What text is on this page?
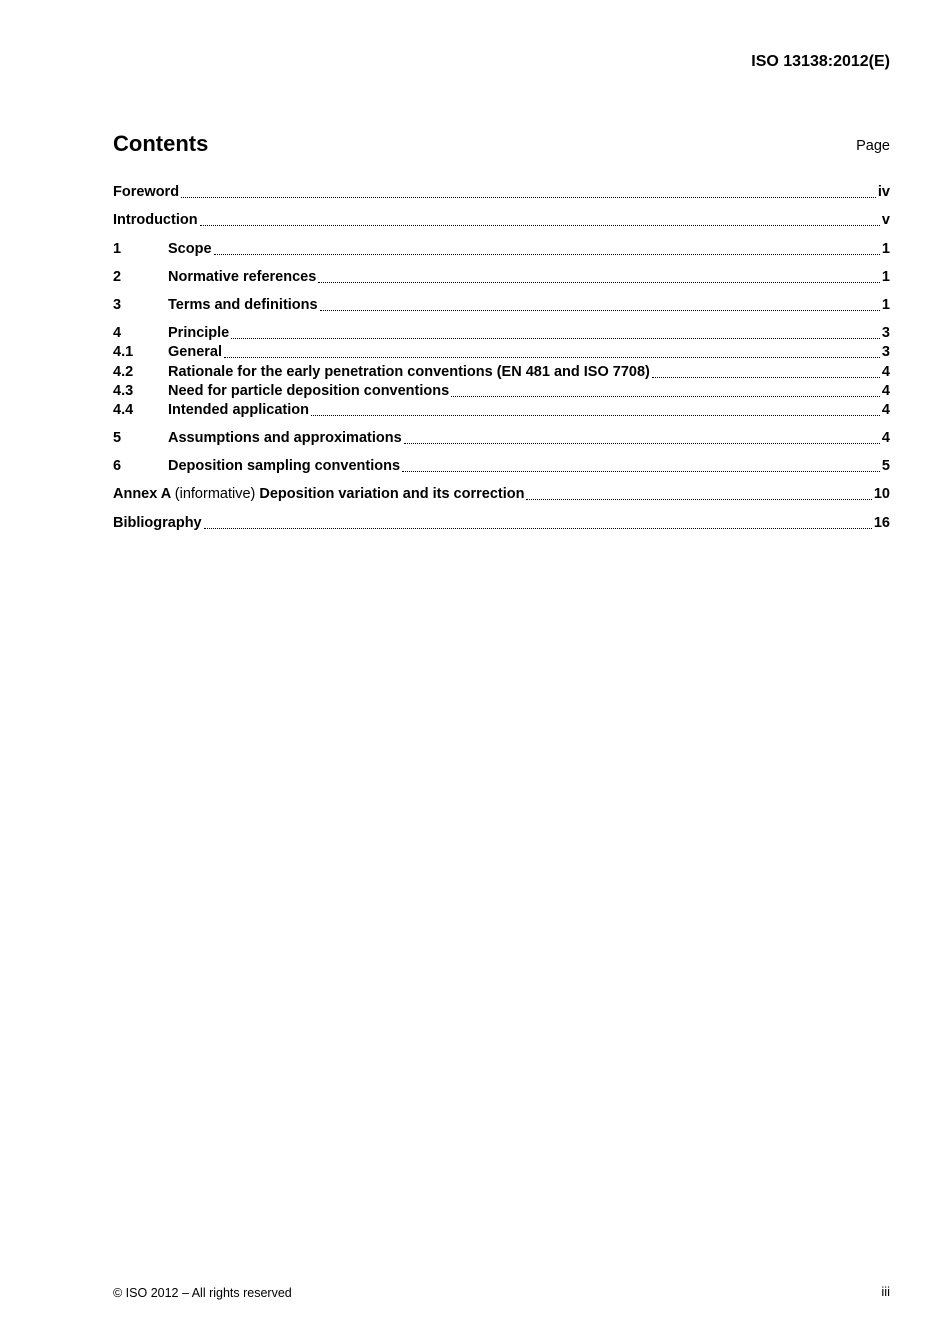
ISO 13138:2012(E)
Contents	Page
Foreword	iv
Introduction	v
1	Scope	1
2	Normative references	1
3	Terms and definitions	1
4	Principle	3
4.1	General	3
4.2	Rationale for the early penetration conventions (EN 481 and ISO 7708)	4
4.3	Need for particle deposition conventions	4
4.4	Intended application	4
5	Assumptions and approximations	4
6	Deposition sampling conventions	5
Annex A (informative) Deposition variation and its correction	10
Bibliography	16
© ISO 2012 – All rights reserved	iii
